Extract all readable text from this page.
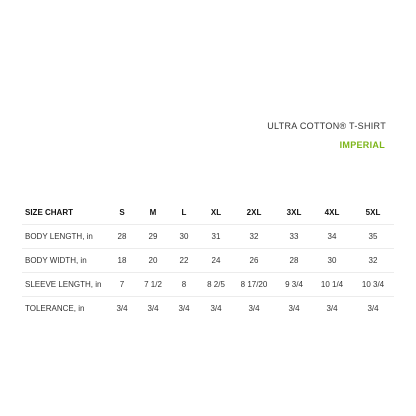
ULTRA COTTON® T-SHIRT
IMPERIAL
SIZE CHART	S	M	L	XL	2XL	3XL	4XL	5XL
BODY LENGTH, in	28	29	30	31	32	33	34	35
BODY WIDTH, in	18	20	22	24	26	28	30	32
SLEEVE LENGTH, in	7	7 1/2	8	8 2/5	8 17/20	9 3/4	10 1/4	10 3/4
TOLERANCE, in	3/4	3/4	3/4	3/4	3/4	3/4	3/4	3/4
